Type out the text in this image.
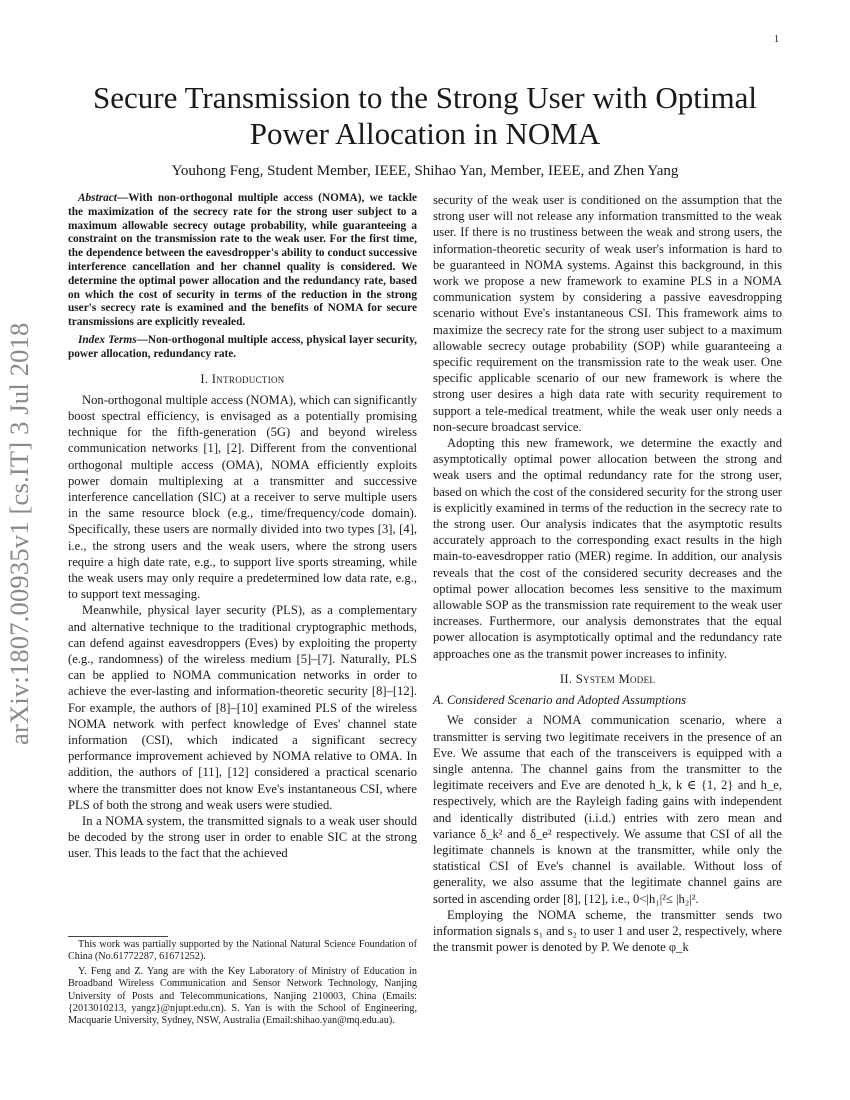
1
arXiv:1807.00935v1 [cs.IT] 3 Jul 2018
Secure Transmission to the Strong User with Optimal Power Allocation in NOMA
Youhong Feng, Student Member, IEEE, Shihao Yan, Member, IEEE, and Zhen Yang

Abstract—With non-orthogonal multiple access (NOMA), we tackle the maximization of the secrecy rate for the strong user subject to a maximum allowable secrecy outage probability, while guaranteeing a constraint on the transmission rate to the weak user. For the first time, the dependence between the eavesdropper's ability to conduct successive interference cancellation and her channel quality is considered. We determine the optimal power allocation and the redundancy rate, based on which the cost of security in terms of the reduction in the strong user's secrecy rate is examined and the benefits of NOMA for secure transmissions are explicitly revealed.

Index Terms—Non-orthogonal multiple access, physical layer security, power allocation, redundancy rate.

I. Introduction

Non-orthogonal multiple access (NOMA), which can significantly boost spectral efficiency, is envisaged as a potentially promising technique for the fifth-generation (5G) and beyond wireless communication networks [1], [2]. Different from the conventional orthogonal multiple access (OMA), NOMA efficiently exploits power domain multiplexing at a transmitter and successive interference cancellation (SIC) at a receiver to serve multiple users in the same resource block (e.g., time/frequency/code domain). Specifically, these users are normally divided into two types [3], [4], i.e., the strong users and the weak users, where the strong users require a high date rate, e.g., to support live sports streaming, while the weak users may only require a predetermined low data rate, e.g., to support text messaging.

Meanwhile, physical layer security (PLS), as a complementary and alternative technique to the traditional cryptographic methods, can defend against eavesdroppers (Eves) by exploiting the property (e.g., randomness) of the wireless medium [5]–[7]. Naturally, PLS can be applied to NOMA communication networks in order to achieve the ever-lasting and information-theoretic security [8]–[12]. For example, the authors of [8]–[10] examined PLS of the wireless NOMA network with perfect knowledge of Eves' channel state information (CSI), which indicated a significant secrecy performance improvement achieved by NOMA relative to OMA. In addition, the authors of [11], [12] considered a practical scenario where the transmitter does not know Eve's instantaneous CSI, where PLS of both the strong and weak users were studied.

In a NOMA system, the transmitted signals to a weak user should be decoded by the strong user in order to enable SIC at the strong user. This leads to the fact that the achieved

This work was partially supported by the National Natural Science Foundation of China (No.61772287, 61671252).

Y. Feng and Z. Yang are with the Key Laboratory of Ministry of Education in Broadband Wireless Communication and Sensor Network Technology, Nanjing University of Posts and Telecommunications, Nanjing 210003, China (Emails: {2013010213, yangz}@njupt.edu.cn). S. Yan is with the School of Engineering, Macquarie University, Sydney, NSW, Australia (Email:shihao.yan@mq.edu.au).

security of the weak user is conditioned on the assumption that the strong user will not release any information transmitted to the weak user. If there is no trustiness between the weak and strong users, the information-theoretic security of weak user's information is hard to be guaranteed in NOMA systems. Against this background, in this work we propose a new framework to examine PLS in a NOMA communication system by considering a passive eavesdropping scenario without Eve's instantaneous CSI. This framework aims to maximize the secrecy rate for the strong user subject to a maximum allowable secrecy outage probability (SOP) while guaranteeing a specific requirement on the transmission rate to the weak user. One specific applicable scenario of our new framework is where the strong user desires a high data rate with security requirement to support a tele-medical treatment, while the weak user only needs a non-secure broadcast service.

Adopting this new framework, we determine the exactly and asymptotically optimal power allocation between the strong and weak users and the optimal redundancy rate for the strong user, based on which the cost of the considered security for the strong user is explicitly examined in terms of the reduction in the secrecy rate to the strong user. Our analysis indicates that the asymptotic results accurately approach to the corresponding exact results in the high main-to-eavesdropper ratio (MER) regime. In addition, our analysis reveals that the cost of the considered security decreases and the optimal power allocation becomes less sensitive to the maximum allowable SOP as the transmission rate requirement to the weak user increases. Furthermore, our analysis demonstrates that the equal power allocation is asymptotically optimal and the redundancy rate approaches one as the transmit power increases to infinity.

II. System Model
A. Considered Scenario and Adopted Assumptions

We consider a NOMA communication scenario, where a transmitter is serving two legitimate receivers in the presence of an Eve. We assume that each of the transceivers is equipped with a single antenna. The channel gains from the transmitter to the legitimate receivers and Eve are denoted h_k, k ∈ {1, 2} and h_e, respectively, which are the Rayleigh fading gains with independent and identically distributed (i.i.d.) entries with zero mean and variance δ_k² and δ_e² respectively. We assume that CSI of all the legitimate channels is known at the transmitter, while only the statistical CSI of Eve's channel is available. Without loss of generality, we also assume that the legitimate channel gains are sorted in ascending order [8], [12], i.e., 0<|h₁|²≤ |h₂|².

Employing the NOMA scheme, the transmitter sends two information signals s₁ and s₂ to user 1 and user 2, respectively, where the transmit power is denoted by P. We denote φ_k
